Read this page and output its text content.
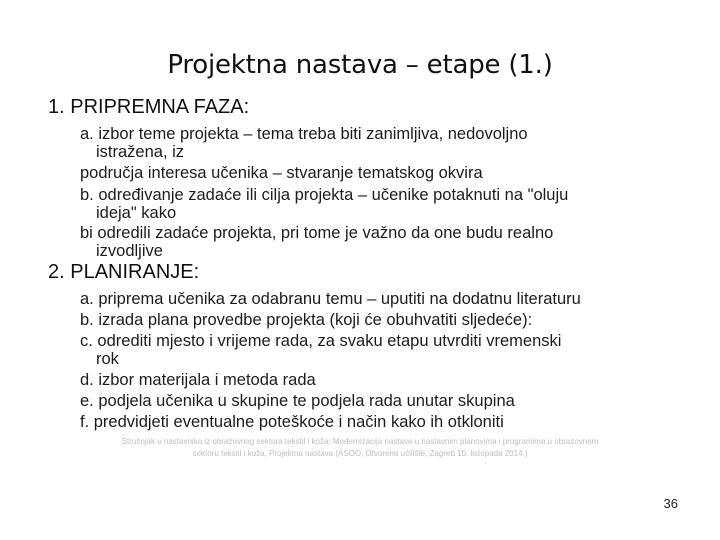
Projektna nastava – etape (1.)
1. PRIPREMNA FAZA:
a. izbor teme projekta – tema treba biti zanimljiva, nedovoljno
istražena, iz
područja interesa učenika – stvaranje tematskog okvira
b. određivanje zadaće ili cilja projekta – učenike potaknuti na "oluju
ideja" kako
bi odredili zadaće projekta, pri tome je važno da one budu realno
izvodljive
2. PLANIRANJE:
a. priprema učenika za odabranu temu – uputiti na dodatnu literaturu
b. izrada plana provedbe projekta (koji će obuhvatiti sljedeće):
c. odrediti mjesto i vrijeme rada, za svaku etapu utvrditi vremenski
rok
d. izbor materijala i metoda rada
e. podjela učenika u skupine te podjela rada unutar skupina
f. predvidjeti eventualne poteškoće i način kako ih otkloniti
Stručnjak u nastavnika iz obrazovnog sektora tekstil i koža: Modernizacija nastave u nastavnim planovima i programima u obrazovnom
sektoru tekstil i koža, Projektna nastava (ASOO, Otvoreno učilište, Zagreb 10. listopada 2014.)
36
